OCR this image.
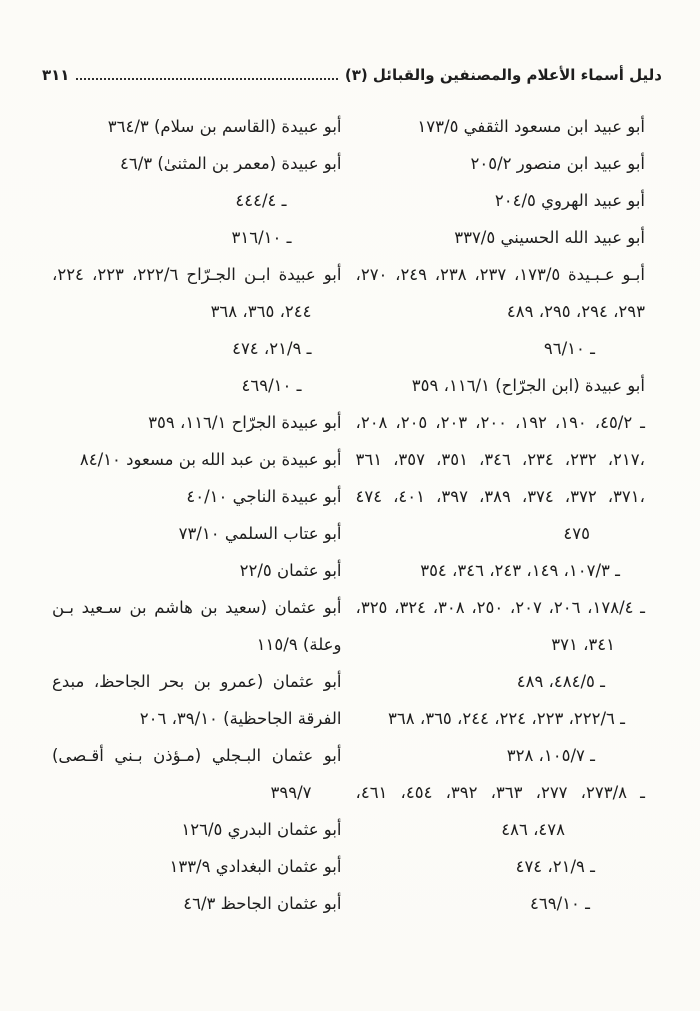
دليل أسماء الأعلام والمصنفين والقبائل (٣)
٣١١
أبو عبيد ابن مسعود الثقفي ١٧٣/٥
أبو عبيد ابن منصور ٢٠٥/٢
أبو عبيد الهروي ٢٠٤/٥
أبو عبيد الله الحسيني ٣٣٧/٥
أبـو عـبـيدة ١٧٣/٥، ٢٣٧، ٢٣٨، ٢٤٩، ٢٧٠،
٢٩٣، ٢٩٤، ٢٩٥، ٤٨٩
ـ ٩٦/١٠
أبو عبيدة (ابن الجرّاح) ١١٦/١، ٣٥٩
ـ ٤٥/٢، ١٩٠، ١٩٢، ٢٠٠، ٢٠٣، ٢٠٥، ٢٠٨،
٢١٧، ٢٣٢، ٢٣٤، ٣٤٦، ٣٥١، ٣٥٧، ٣٦١،
٣٧١، ٣٧٢، ٣٧٤، ٣٨٩، ٣٩٧، ٤٠١، ٤٧٤،
٤٧٥
ـ ١٠٧/٣، ١٤٩، ٢٤٣، ٣٤٦، ٣٥٤
ـ ١٧٨/٤، ٢٠٦، ٢٠٧، ٢٥٠، ٣٠٨، ٣٢٤، ٣٢٥،
٣٤١، ٣٧١
ـ ٤٨٤/٥، ٤٨٩
ـ ٢٢٢/٦، ٢٢٣، ٢٢٤، ٢٤٤، ٣٦٥، ٣٦٨
ـ ١٠٥/٧، ٣٢٨
ـ ٢٧٣/٨، ٢٧٧، ٣٦٣، ٣٩٢، ٤٥٤، ٤٦١،
٤٧٨، ٤٨٦
ـ ٢١/٩، ٤٧٤
ـ ٤٦٩/١٠
أبو عبيدة (القاسم بن سلام) ٣٦٤/٣
أبو عبيدة (معمر بن المثنىٰ) ٤٦/٣
ـ ٤٤٤/٤
ـ ٣١٦/١٠
أبو عبيدة ابـن الجـرّاح ٢٢٢/٦، ٢٢٣، ٢٢٤،
٢٤٤، ٣٦٥، ٣٦٨
ـ ٢١/٩، ٤٧٤
ـ ٤٦٩/١٠
أبو عبيدة الجرّاح ١١٦/١، ٣٥٩
أبو عبيدة بن عبد الله بن مسعود ٨٤/١٠
أبو عبيدة الناجي ٤٠/١٠
أبو عتاب السلمي ٧٣/١٠
أبو عثمان ٢٢/٥
أبو عثمان (سعيد بن هاشم بن سـعيد بـن
وعلة) ١١٥/٩
أبو عثمان (عمرو بن بحر الجاحظ، مبدع
الفرقة الجاحظية) ٣٩/١٠، ٢٠٦
أبو عثمان البـجلي (مـؤذن بـني أقـصى)
٣٩٩/٧
أبو عثمان البدري ١٢٦/٥
أبو عثمان البغدادي ١٣٣/٩
أبو عثمان الجاحظ ٤٦/٣
